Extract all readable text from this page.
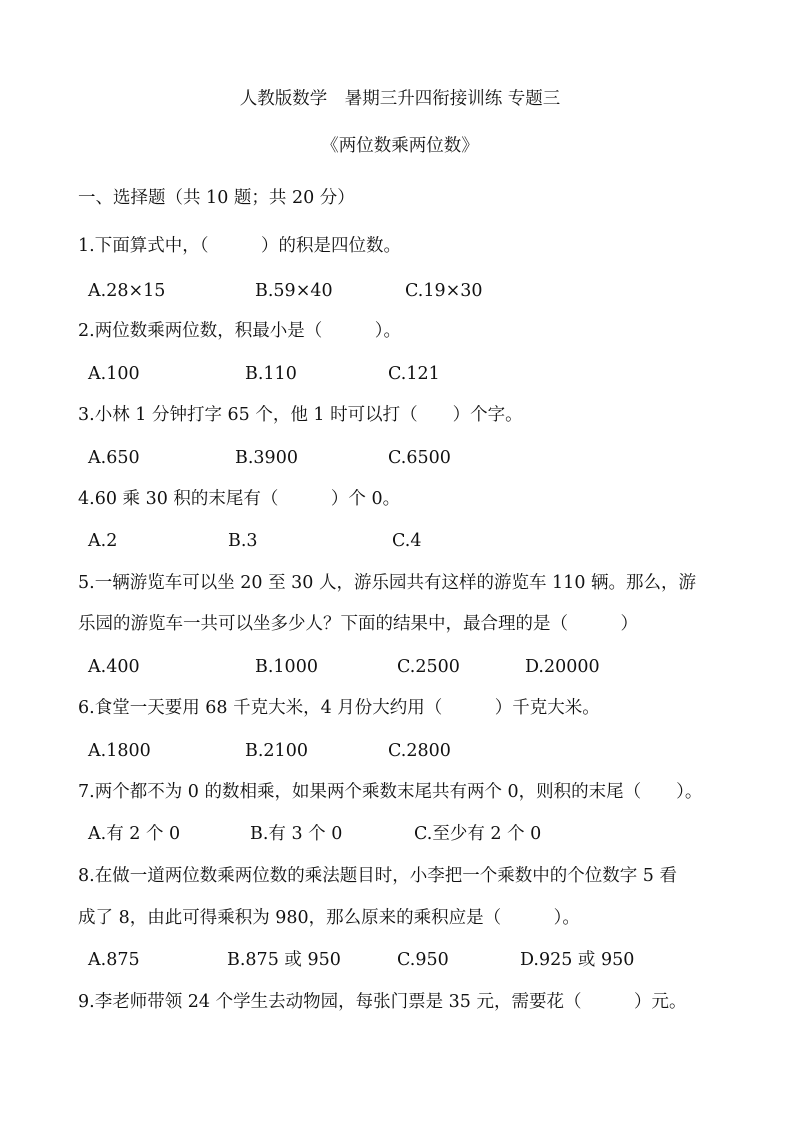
人教版数学　暑期三升四衔接训练 专题三
《两位数乘两位数》
一、选择题（共 10 题；共 20 分）
1.下面算式中，（　　　）的积是四位数。
A.28×15	B.59×40	C.19×30
2.两位数乘两位数，积最小是（　　　）。
A.100	B.110	C.121
3.小林 1 分钟打字 65 个，他 1 时可以打（　　）个字。
A.650	B.3900	C.6500
4.60 乘 30 积的末尾有（　　　）个 0。
A.2	B.3	C.4
5.一辆游览车可以坐 20 至 30 人，游乐园共有这样的游览车 110 辆。那么，游
乐园的游览车一共可以坐多少人？下面的结果中，最合理的是（　　　）
A.400	B.1000	C.2500	D.20000
6.食堂一天要用 68 千克大米，4 月份大约用（　　　）千克大米。
A.1800	B.2100	C.2800
7.两个都不为 0 的数相乘，如果两个乘数末尾共有两个 0，则积的末尾（　　）。
A.有 2 个 0	B.有 3 个 0	C.至少有 2 个 0
8.在做一道两位数乘两位数的乘法题目时，小李把一个乘数中的个位数字 5 看
成了 8，由此可得乘积为 980，那么原来的乘积应是（　　　）。
A.875	B.875 或 950	C.950	D.925 或 950
9.李老师带领 24 个学生去动物园，每张门票是 35 元，需要花（　　　）元。
